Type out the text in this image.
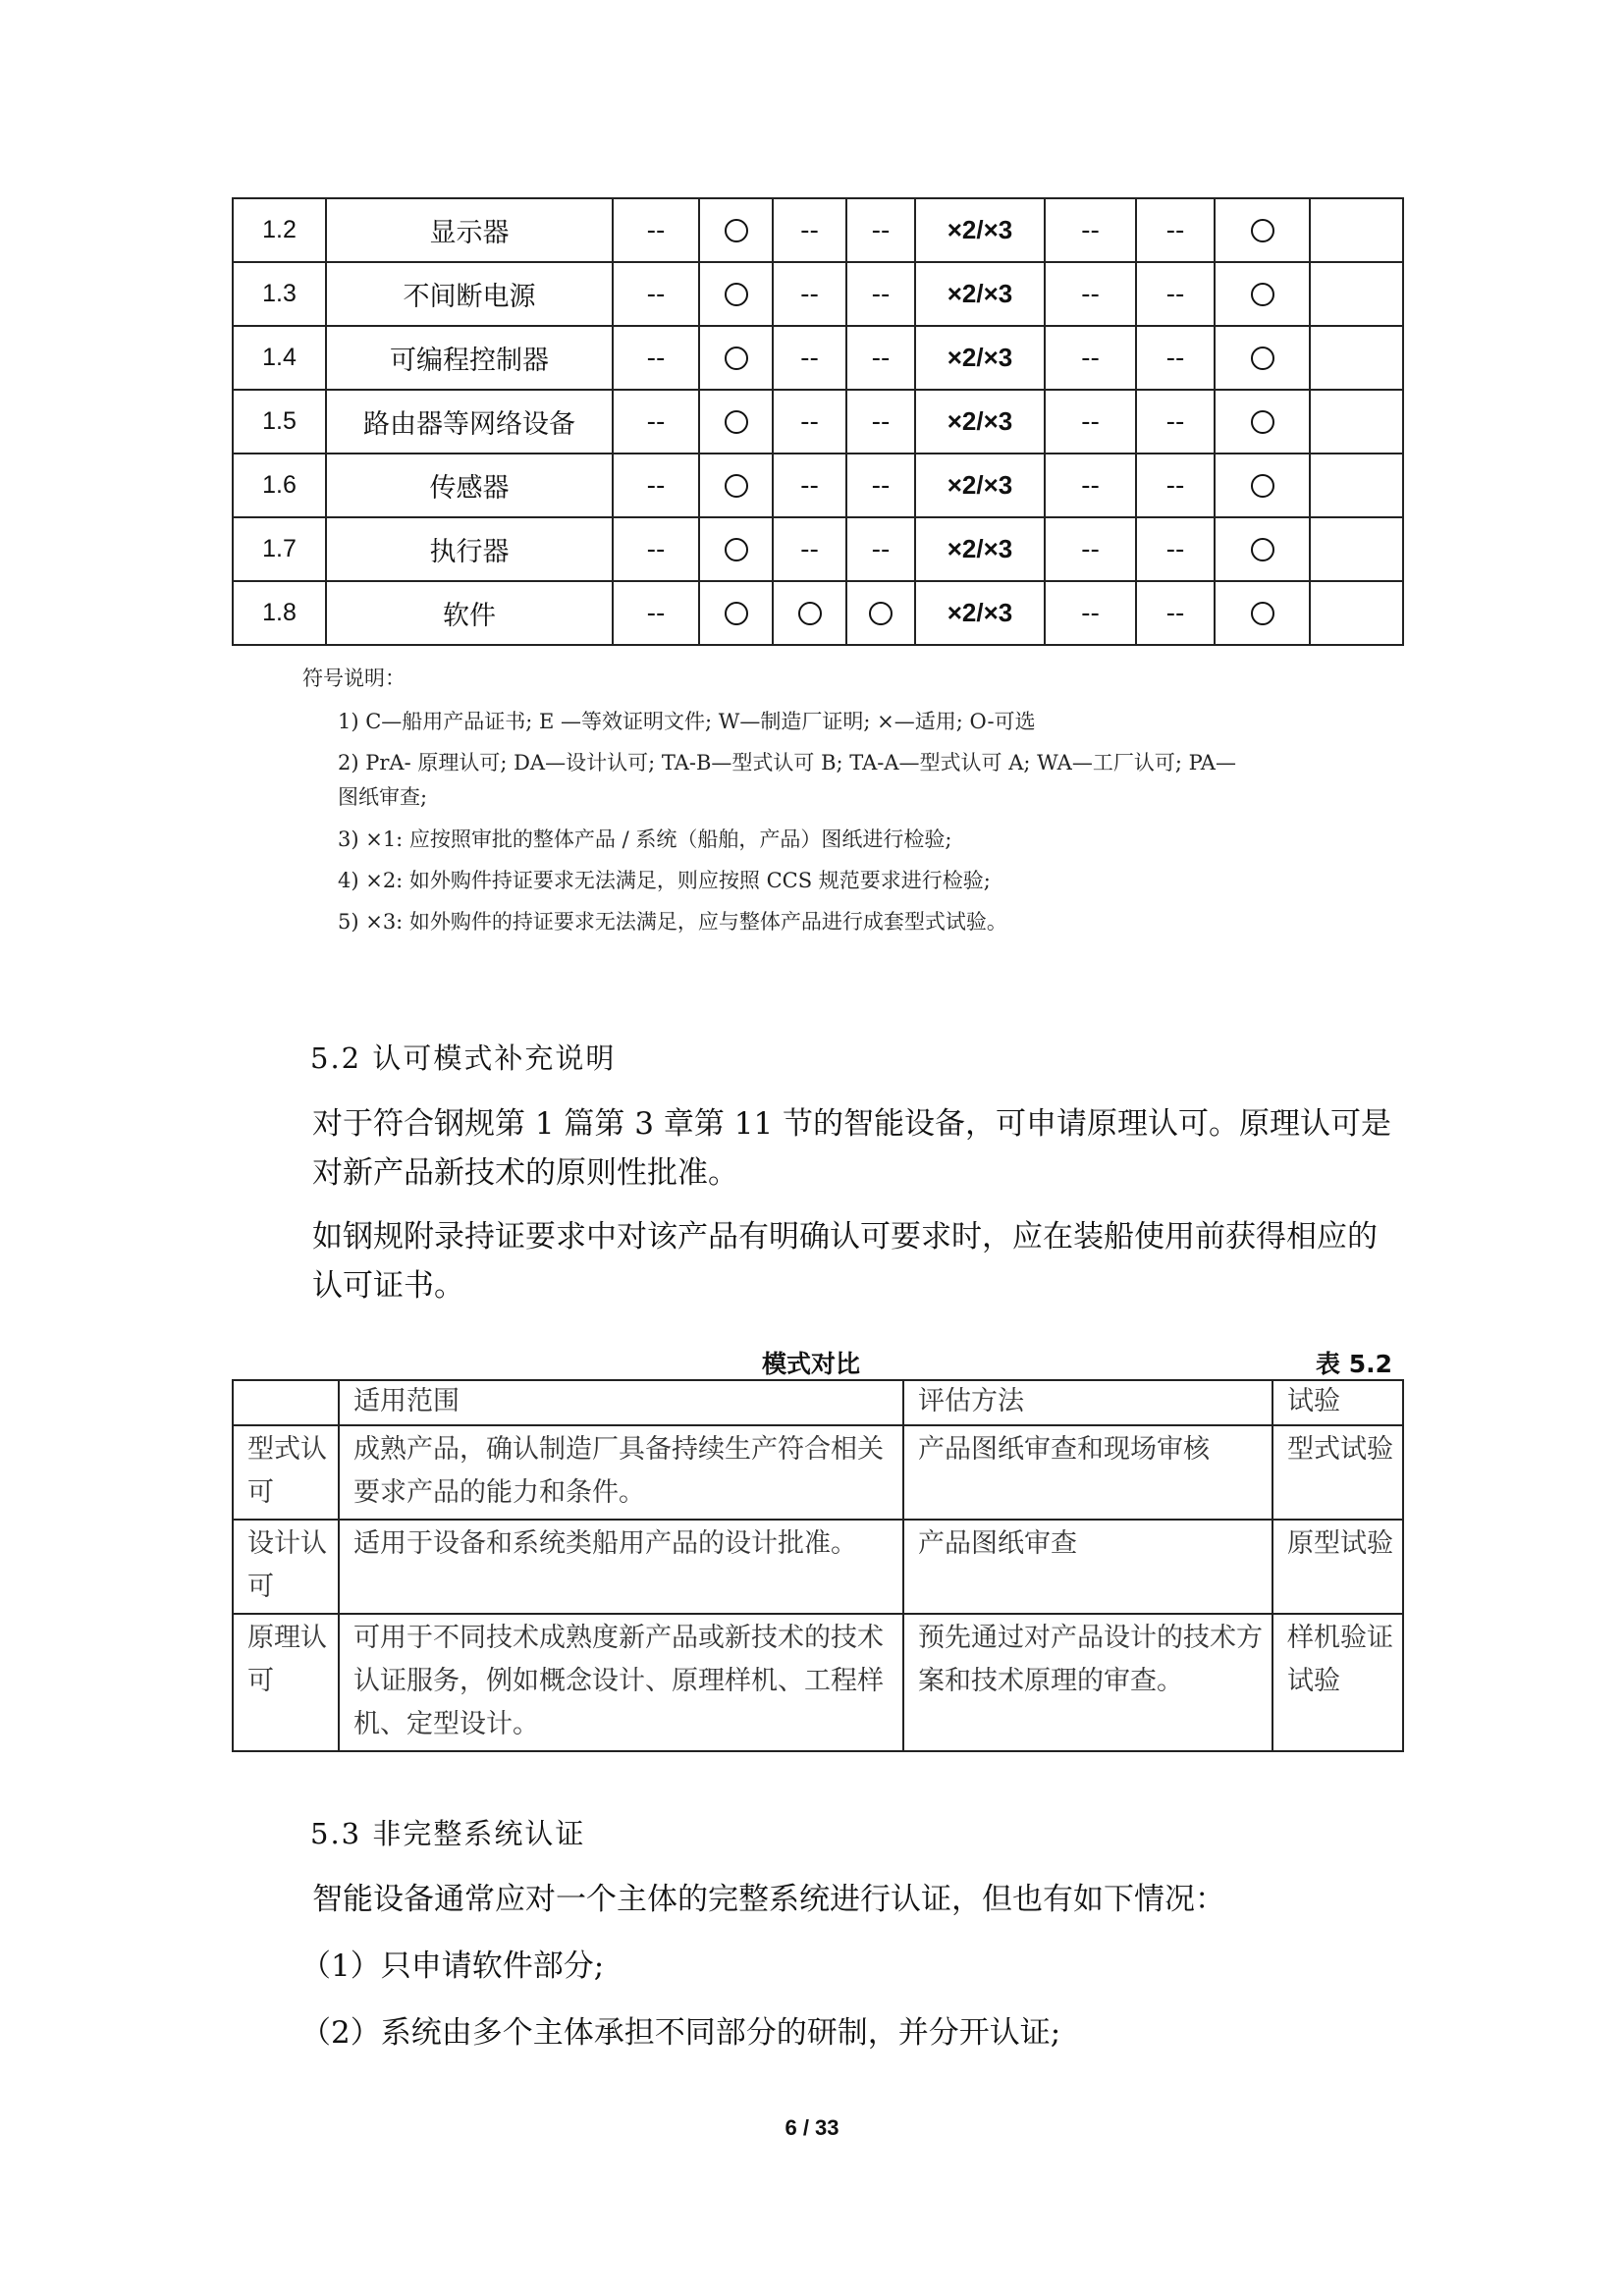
1.2	显示器	--		--	--	×2/×3	--	--		
1.3	不间断电源	--		--	--	×2/×3	--	--		
1.4	可编程控制器	--		--	--	×2/×3	--	--		
1.5	路由器等网络设备	--		--	--	×2/×3	--	--		
1.6	传感器	--		--	--	×2/×3	--	--		
1.7	执行器	--		--	--	×2/×3	--	--		
1.8	软件	--				×2/×3	--	--		

符号说明：

1) C—船用产品证书; E —等效证明文件; W—制造厂证明; ×—适用; O-可选

2) PrA- 原理认可; DA—设计认可; TA-B—型式认可 B; TA-A—型式认可 A; WA—工厂认可; PA—

图纸审查;

3) ×1: 应按照审批的整体产品 / 系统（船舶，产品）图纸进行检验;

4) ×2: 如外购件持证要求无法满足，则应按照 CCS 规范要求进行检验;

5) ×3: 如外购件的持证要求无法满足，应与整体产品进行成套型式试验。

5.2 认可模式补充说明

对于符合钢规第 1 篇第 3 章第 11 节的智能设备，可申请原理认可。原理认可是对新产品新技术的原则性批准。

如钢规附录持证要求中对该产品有明确认可要求时，应在装船使用前获得相应的认可证书。

模式对比	表 5.2
	适用范围	评估方法	试验
型式认可	成熟产品，确认制造厂具备持续生产符合相关要求产品的能力和条件。	产品图纸审查和现场审核	型式试验
设计认可	适用于设备和系统类船用产品的设计批准。	产品图纸审查	原型试验
原理认可	可用于不同技术成熟度新产品或新技术的技术认证服务，例如概念设计、原理样机、工程样机、定型设计。	预先通过对产品设计的技术方案和技术原理的审查。	样机验证试验
5.3 非完整系统认证

智能设备通常应对一个主体的完整系统进行认证，但也有如下情况：

（1）只申请软件部分;

（2）系统由多个主体承担不同部分的研制，并分开认证;

6 / 33
